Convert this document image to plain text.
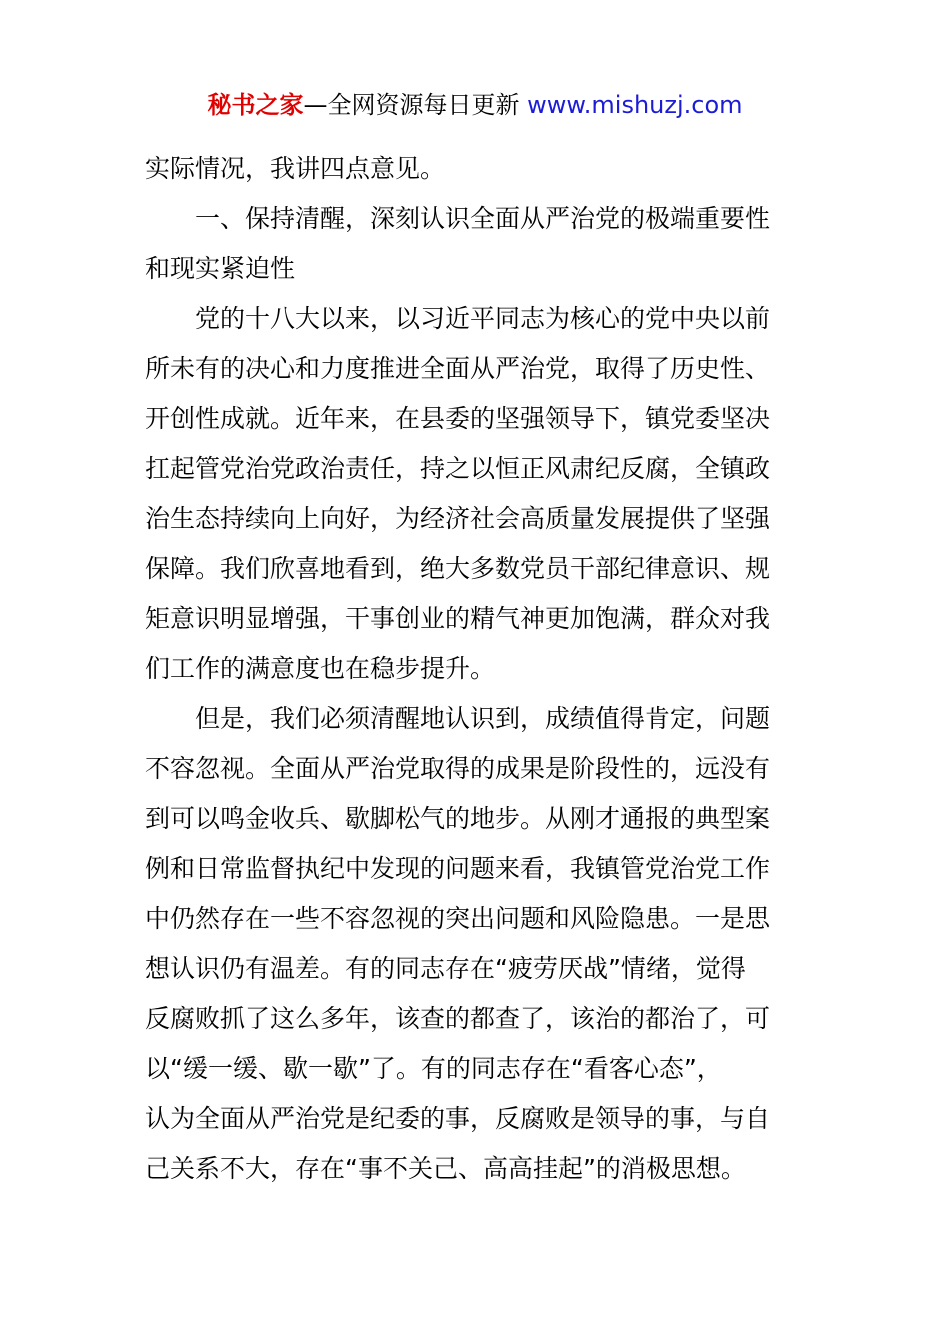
秘书之家—全网资源每日更新 www.mishuzj.com
实际情况，我讲四点意见。
一、保持清醒，深刻认识全面从严治党的极端重要性
和现实紧迫性
党的十八大以来，以习近平同志为核心的党中央以前
所未有的决心和力度推进全面从严治党，取得了历史性、
开创性成就。近年来，在县委的坚强领导下，镇党委坚决
扛起管党治党政治责任，持之以恒正风肃纪反腐，全镇政
治生态持续向上向好，为经济社会高质量发展提供了坚强
保障。我们欣喜地看到，绝大多数党员干部纪律意识、规
矩意识明显增强，干事创业的精气神更加饱满，群众对我
们工作的满意度也在稳步提升。
但是，我们必须清醒地认识到，成绩值得肯定，问题
不容忽视。全面从严治党取得的成果是阶段性的，远没有
到可以鸣金收兵、歇脚松气的地步。从刚才通报的典型案
例和日常监督执纪中发现的问题来看，我镇管党治党工作
中仍然存在一些不容忽视的突出问题和风险隐患。一是思
想认识仍有温差。有的同志存在“疲劳厌战”情绪，觉得
反腐败抓了这么多年，该查的都查了，该治的都治了，可
以“缓一缓、歇一歇”了。有的同志存在“看客心态”，
认为全面从严治党是纪委的事，反腐败是领导的事，与自
己关系不大，存在“事不关己、高高挂起”的消极思想。
